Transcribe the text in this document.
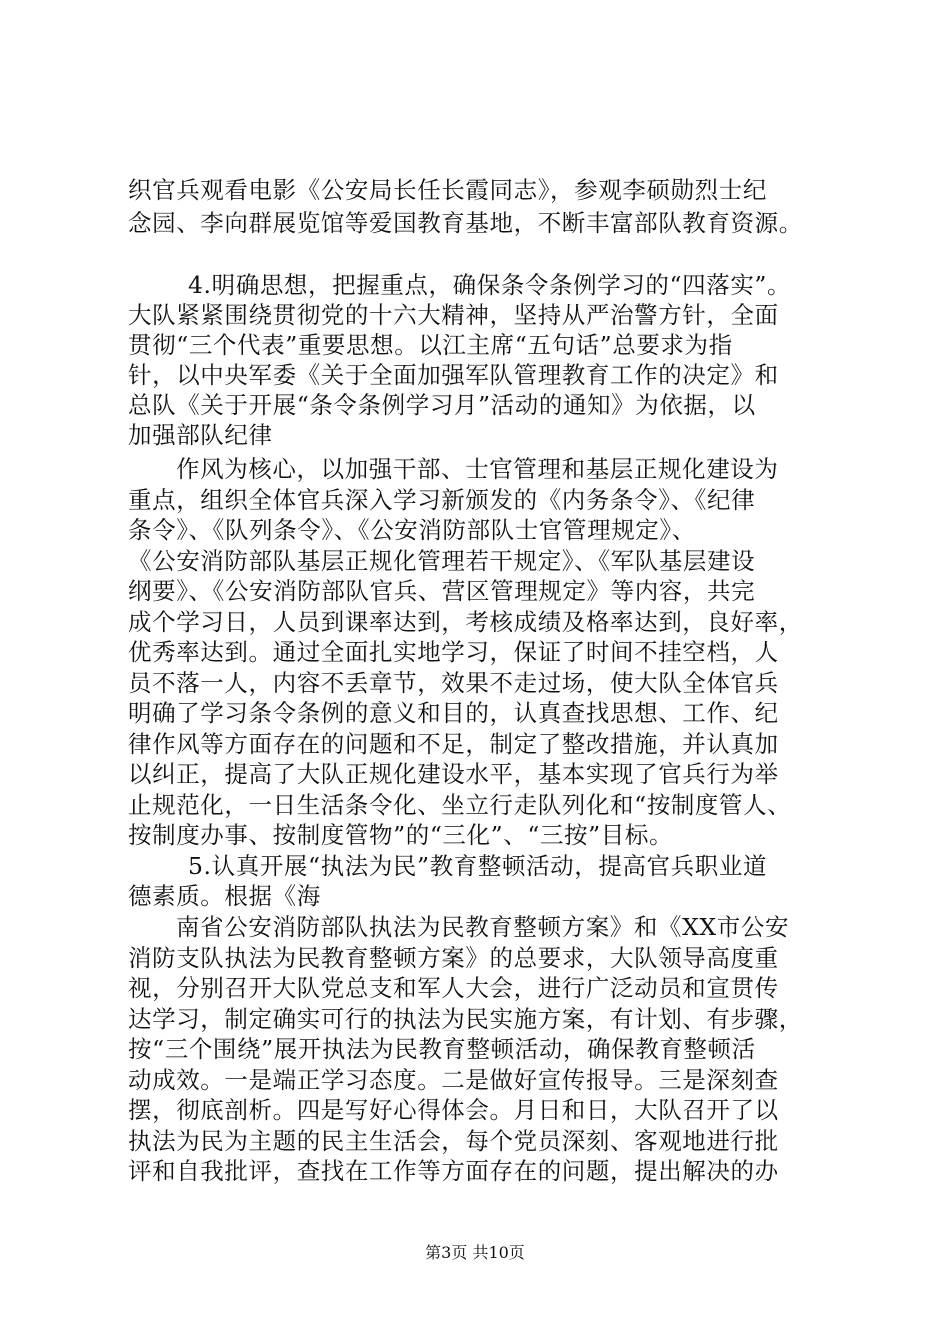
织官兵观看电影《公安局长任长霞同志》，参观李硕勋烈士纪
念园、李向群展览馆等爱国教育基地，不断丰富部队教育资源。
4.明确思想，把握重点，确保条令条例学习的“四落实”。
大队紧紧围绕贯彻党的十六大精神，坚持从严治警方针，全面
贯彻“三个代表”重要思想。以江主席“五句话”总要求为指
针，以中央军委《关于全面加强军队管理教育工作的决定》和
总队《关于开展“条令条例学习月”活动的通知》为依据，以
加强部队纪律
作风为核心，以加强干部、士官管理和基层正规化建设为
重点，组织全体官兵深入学习新颁发的《内务条令》、《纪律
条令》、《队列条令》、《公安消防部队士官管理规定》、
《公安消防部队基层正规化管理若干规定》、《军队基层建设
纲要》、《公安消防部队官兵、营区管理规定》等内容，共完
成个学习日，人员到课率达到，考核成绩及格率达到，良好率，
优秀率达到。通过全面扎实地学习，保证了时间不挂空档，人
员不落一人，内容不丢章节，效果不走过场，使大队全体官兵
明确了学习条令条例的意义和目的，认真查找思想、工作、纪
律作风等方面存在的问题和不足，制定了整改措施，并认真加
以纠正，提高了大队正规化建设水平，基本实现了官兵行为举
止规范化，一日生活条令化、坐立行走队列化和“按制度管人、
按制度办事、按制度管物”的“三化”、“三按”目标。
5.认真开展“执法为民”教育整顿活动，提高官兵职业道
德素质。根据《海
南省公安消防部队执法为民教育整顿方案》和《XX市公安
消防支队执法为民教育整顿方案》的总要求，大队领导高度重
视，分别召开大队党总支和军人大会，进行广泛动员和宣贯传
达学习，制定确实可行的执法为民实施方案，有计划、有步骤，
按“三个围绕”展开执法为民教育整顿活动，确保教育整顿活
动成效。一是端正学习态度。二是做好宣传报导。三是深刻查
摆，彻底剖析。四是写好心得体会。月日和日，大队召开了以
执法为民为主题的民主生活会，每个党员深刻、客观地进行批
评和自我批评，查找在工作等方面存在的问题，提出解决的办
第3页 共10页
